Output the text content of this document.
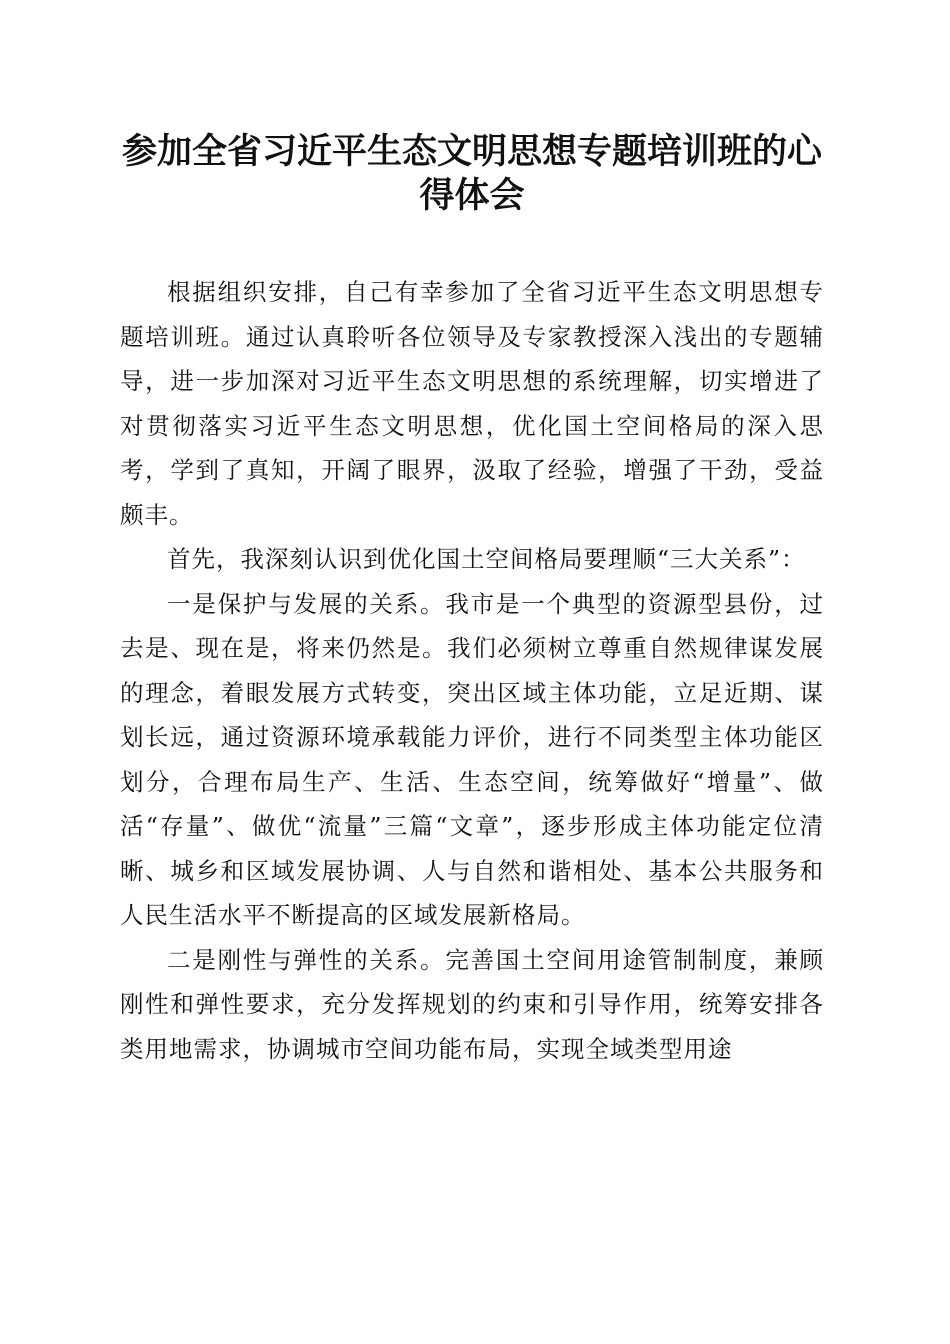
参加全省习近平生态文明思想专题培训班的心得体会

根据组织安排，自己有幸参加了全省习近平生态文明思想专题培训班。通过认真聆听各位领导及专家教授深入浅出的专题辅导，进一步加深对习近平生态文明思想的系统理解，切实增进了对贯彻落实习近平生态文明思想，优化国土空间格局的深入思考，学到了真知，开阔了眼界，汲取了经验，增强了干劲，受益颇丰。

首先，我深刻认识到优化国土空间格局要理顺“三大关系”：

一是保护与发展的关系。我市是一个典型的资源型县份，过去是、现在是，将来仍然是。我们必须树立尊重自然规律谋发展的理念，着眼发展方式转变，突出区域主体功能，立足近期、谋划长远，通过资源环境承载能力评价，进行不同类型主体功能区划分，合理布局生产、生活、生态空间，统筹做好“增量”、做活“存量”、做优“流量”三篇“文章”，逐步形成主体功能定位清晰、城乡和区域发展协调、人与自然和谐相处、基本公共服务和人民生活水平不断提高的区域发展新格局。

二是刚性与弹性的关系。完善国土空间用途管制制度，兼顾刚性和弹性要求，充分发挥规划的约束和引导作用，统筹安排各类用地需求，协调城市空间功能布局，实现全域类型用途
